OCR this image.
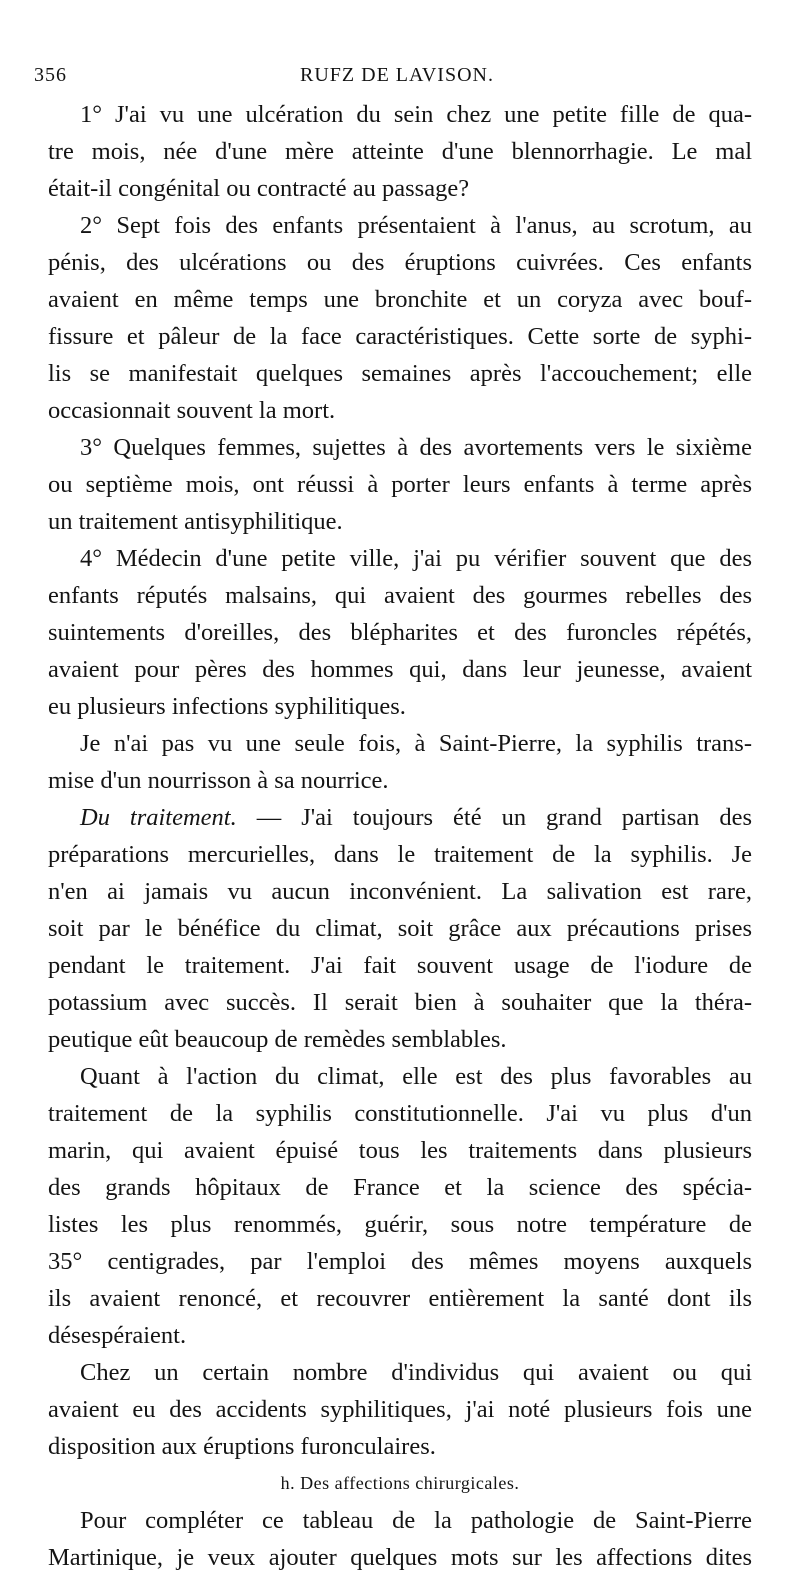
356	RUFZ DE LAVISON.
1° J'ai vu une ulcération du sein chez une petite fille de qua-
tre mois, née d'une mère atteinte d'une blennorrhagie. Le mal
était-il congénital ou contracté au passage?
2° Sept fois des enfants présentaient à l'anus, au scrotum, au
pénis, des ulcérations ou des éruptions cuivrées. Ces enfants
avaient en même temps une bronchite et un coryza avec bouf-
fissure et pâleur de la face caractéristiques. Cette sorte de syphi-
lis se manifestait quelques semaines après l'accouchement; elle
occasionnait souvent la mort.
3° Quelques femmes, sujettes à des avortements vers le sixième
ou septième mois, ont réussi à porter leurs enfants à terme après
un traitement antisyphilitique.
4° Médecin d'une petite ville, j'ai pu vérifier souvent que des
enfants réputés malsains, qui avaient des gourmes rebelles des
suintements d'oreilles, des blépharites et des furoncles répétés,
avaient pour pères des hommes qui, dans leur jeunesse, avaient
eu plusieurs infections syphilitiques.
Je n'ai pas vu une seule fois, à Saint-Pierre, la syphilis trans-
mise d'un nourrisson à sa nourrice.
Du traitement. — J'ai toujours été un grand partisan des
préparations mercurielles, dans le traitement de la syphilis. Je
n'en ai jamais vu aucun inconvénient. La salivation est rare,
soit par le bénéfice du climat, soit grâce aux précautions prises
pendant le traitement. J'ai fait souvent usage de l'iodure de
potassium avec succès. Il serait bien à souhaiter que la théra-
peutique eût beaucoup de remèdes semblables.
Quant à l'action du climat, elle est des plus favorables au
traitement de la syphilis constitutionnelle. J'ai vu plus d'un
marin, qui avaient épuisé tous les traitements dans plusieurs
des grands hôpitaux de France et la science des spécia-
listes les plus renommés, guérir, sous notre température de
35° centigrades, par l'emploi des mêmes moyens auxquels
ils avaient renoncé, et recouvrer entièrement la santé dont ils
désespéraient.
Chez un certain nombre d'individus qui avaient ou qui
avaient eu des accidents syphilitiques, j'ai noté plusieurs fois une
disposition aux éruptions furonculaires.
h. Des affections chirurgicales.
Pour compléter ce tableau de la pathologie de Saint-Pierre
Martinique, je veux ajouter quelques mots sur les affections dites
